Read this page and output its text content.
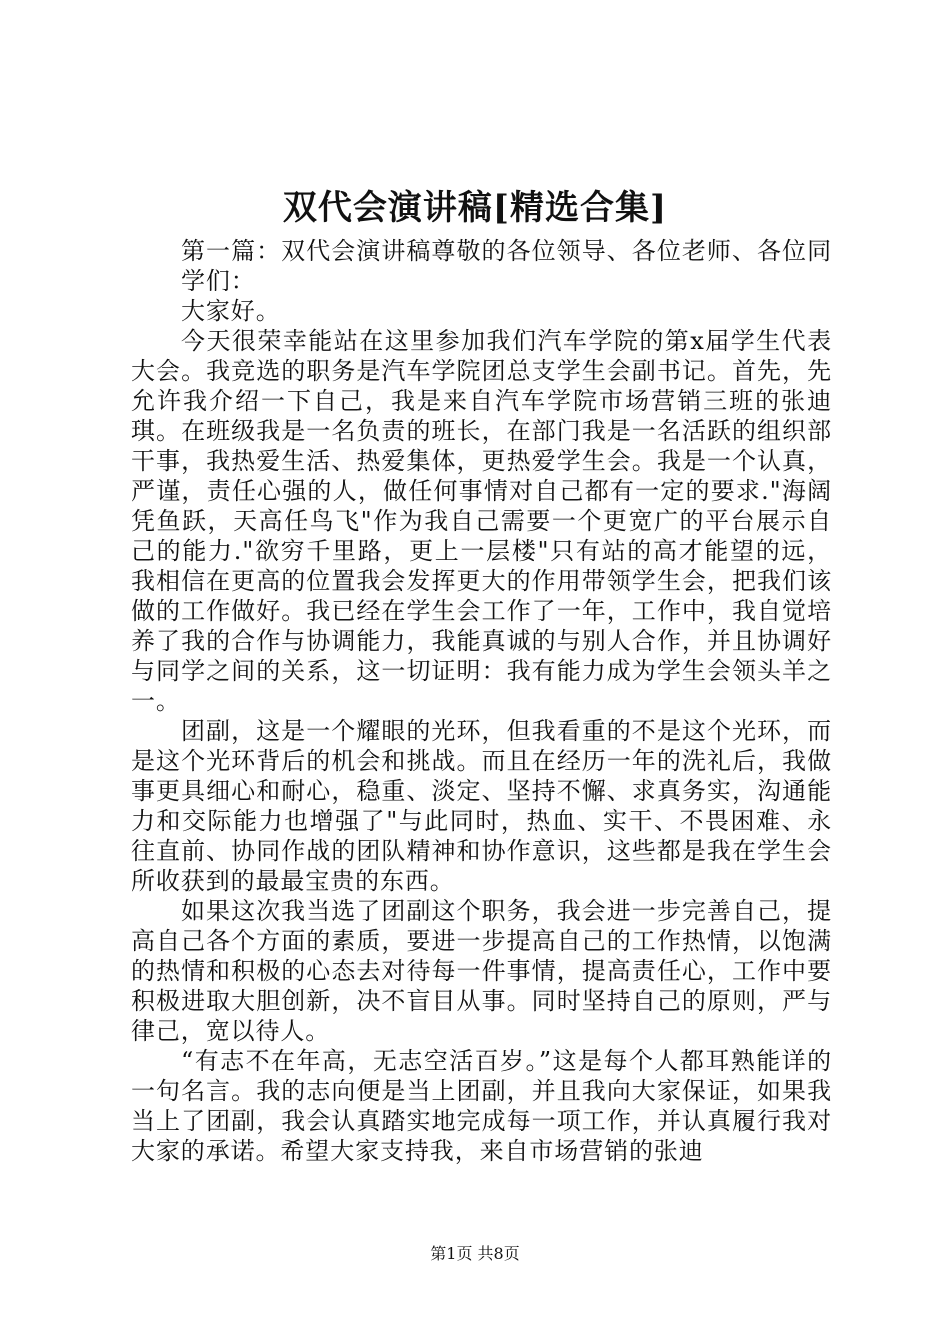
双代会演讲稿[精选合集]

第一篇：双代会演讲稿尊敬的各位领导、各位老师、各位同学们：

大家好。

今天很荣幸能站在这里参加我们汽车学院的第x届学生代表大会。我竞选的职务是汽车学院团总支学生会副书记。首先，先允许我介绍一下自己，我是来自汽车学院市场营销三班的张迪琪。在班级我是一名负责的班长，在部门我是一名活跃的组织部干事，我热爱生活、热爱集体，更热爱学生会。我是一个认真，严谨，责任心强的人，做任何事情对自己都有一定的要求."海阔凭鱼跃，天高任鸟飞"作为我自己需要一个更宽广的平台展示自己的能力."欲穷千里路，更上一层楼"只有站的高才能望的远，我相信在更高的位置我会发挥更大的作用带领学生会，把我们该做的工作做好。我已经在学生会工作了一年，工作中，我自觉培养了我的合作与协调能力，我能真诚的与别人合作，并且协调好与同学之间的关系，这一切证明：我有能力成为学生会领头羊之一。

团副，这是一个耀眼的光环，但我看重的不是这个光环，而是这个光环背后的机会和挑战。而且在经历一年的洗礼后，我做事更具细心和耐心，稳重、淡定、坚持不懈、求真务实，沟通能力和交际能力也增强了"与此同时，热血、实干、不畏困难、永往直前、协同作战的团队精神和协作意识，这些都是我在学生会所收获到的最最宝贵的东西。

如果这次我当选了团副这个职务，我会进一步完善自己，提高自己各个方面的素质，要进一步提高自己的工作热情，以饱满的热情和积极的心态去对待每一件事情，提高责任心，工作中要积极进取大胆创新，决不盲目从事。同时坚持自己的原则，严与律己，宽以待人。

“有志不在年高，无志空活百岁。”这是每个人都耳熟能详的一句名言。我的志向便是当上团副，并且我向大家保证，如果我当上了团副，我会认真踏实地完成每一项工作，并认真履行我对大家的承诺。希望大家支持我，来自市场营销的张迪

第1页 共8页
